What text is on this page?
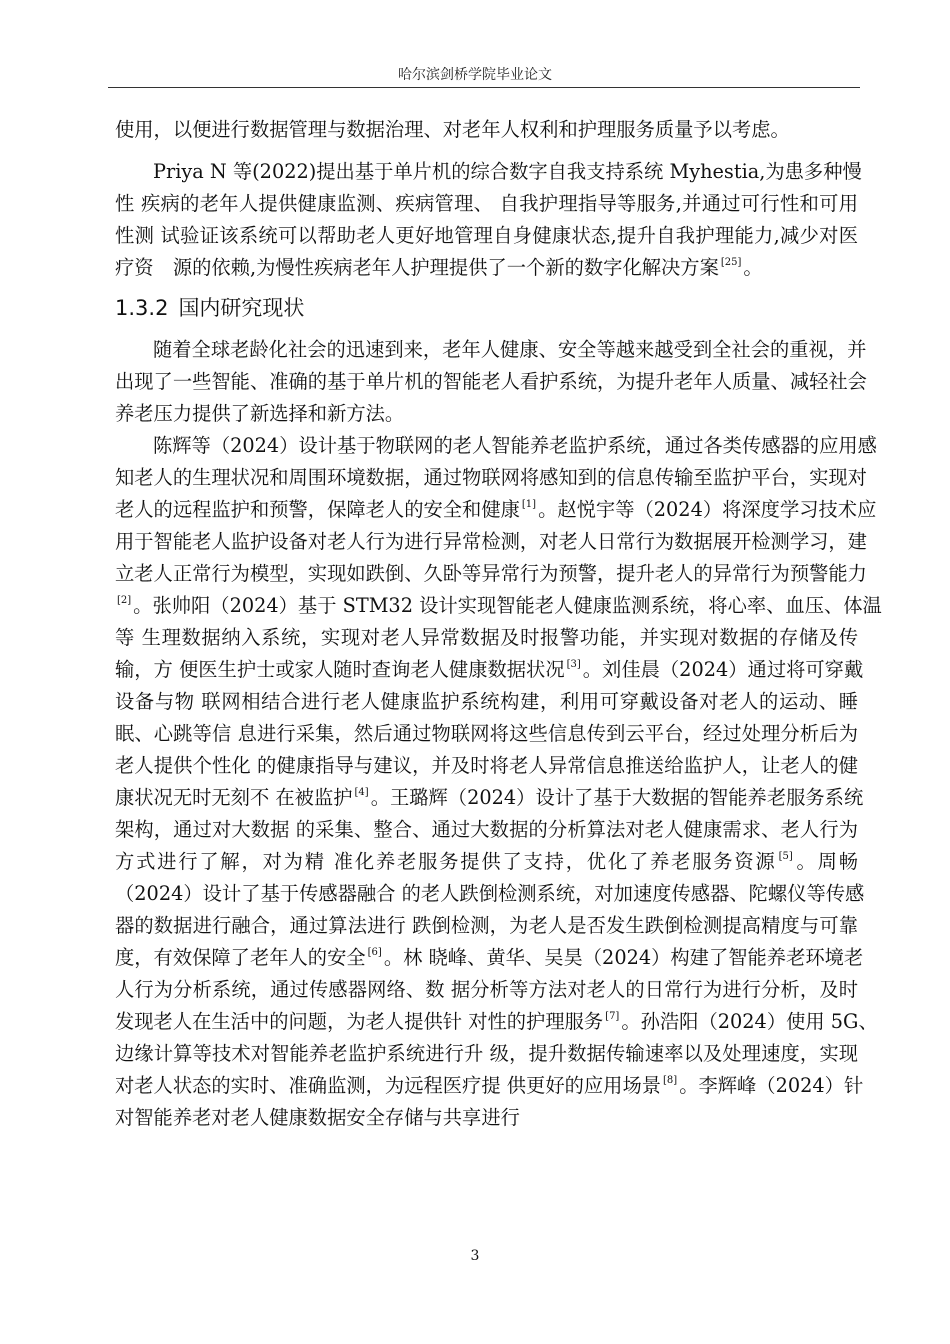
哈尔滨剑桥学院毕业论文
使用，以便进行数据管理与数据治理、对老年人权利和护理服务质量予以考虑。
Priya N 等(2022)提出基于单片机的综合数字自我支持系统 Myhestia,为患多种慢
性 疾病的老年人提供健康监测、疾病管理、 自我护理指导等服务,并通过可行性和可用
性测 试验证该系统可以帮助老人更好地管理自身健康状态,提升自我护理能力,减少对医
疗资　源的依赖,为慢性疾病老年人护理提供了一个新的数字化解决方案 [25] 。
1.3.2 国内研究现状
随着全球老龄化社会的迅速到来，老年人健康、安全等越来越受到全社会的重视，并
出现了一些智能、准确的基于单片机的智能老人看护系统，为提升老年人质量、减轻社会
养老压力提供了新选择和新方法。
陈辉等（2024）设计基于物联网的老人智能养老监护系统，通过各类传感器的应用感
知老人的生理状况和周围环境数据，通过物联网将感知到的信息传输至监护平台，实现对
老人的远程监护和预警，保障老人的安全和健康 [1] 。赵悦宇等（2024）将深度学习技术应
用于智能老人监护设备对老人行为进行异常检测，对老人日常行为数据展开检测学习，建
立老人正常行为模型，实现如跌倒、久卧等异常行为预警，提升老人的异常行为预警能力
[2] 。张帅阳（2024）基于 STM32 设计实现智能老人健康监测系统，将心率、血压、体温
等 生理数据纳入系统，实现对老人异常数据及时报警功能，并实现对数据的存储及传
输，方 便医生护士或家人随时查询老人健康数据状况 [3] 。刘佳晨（2024）通过将可穿戴
设备与物 联网相结合进行老人健康监护系统构建，利用可穿戴设备对老人的运动、睡
眠、心跳等信 息进行采集，然后通过物联网将这些信息传到云平台，经过处理分析后为
老人提供个性化 的健康指导与建议，并及时将老人异常信息推送给监护人，让老人的健
康状况无时无刻不 在被监护 [4] 。王璐辉（2024）设计了基于大数据的智能养老服务系统
架构，通过对大数据 的采集、整合、通过大数据的分析算法对老人健康需求、老人行为
方式进行了解，对为精 准化养老服务提供了支持，优化了养老服务资源 [5] 。周畅
（2024）设计了基于传感器融合 的老人跌倒检测系统，对加速度传感器、陀螺仪等传感
器的数据进行融合，通过算法进行 跌倒检测，为老人是否发生跌倒检测提高精度与可靠
度，有效保障了老年人的安全 [6] 。林 晓峰、黄华、吴昊（2024）构建了智能养老环境老
人行为分析系统，通过传感器网络、数 据分析等方法对老人的日常行为进行分析，及时
发现老人在生活中的问题，为老人提供针 对性的护理服务 [7] 。孙浩阳（2024）使用 5G、
边缘计算等技术对智能养老监护系统进行升 级，提升数据传输速率以及处理速度，实现
对老人状态的实时、准确监测，为远程医疗提 供更好的应用场景 [8] 。李辉峰（2024）针
对智能养老对老人健康数据安全存储与共享进行
3
